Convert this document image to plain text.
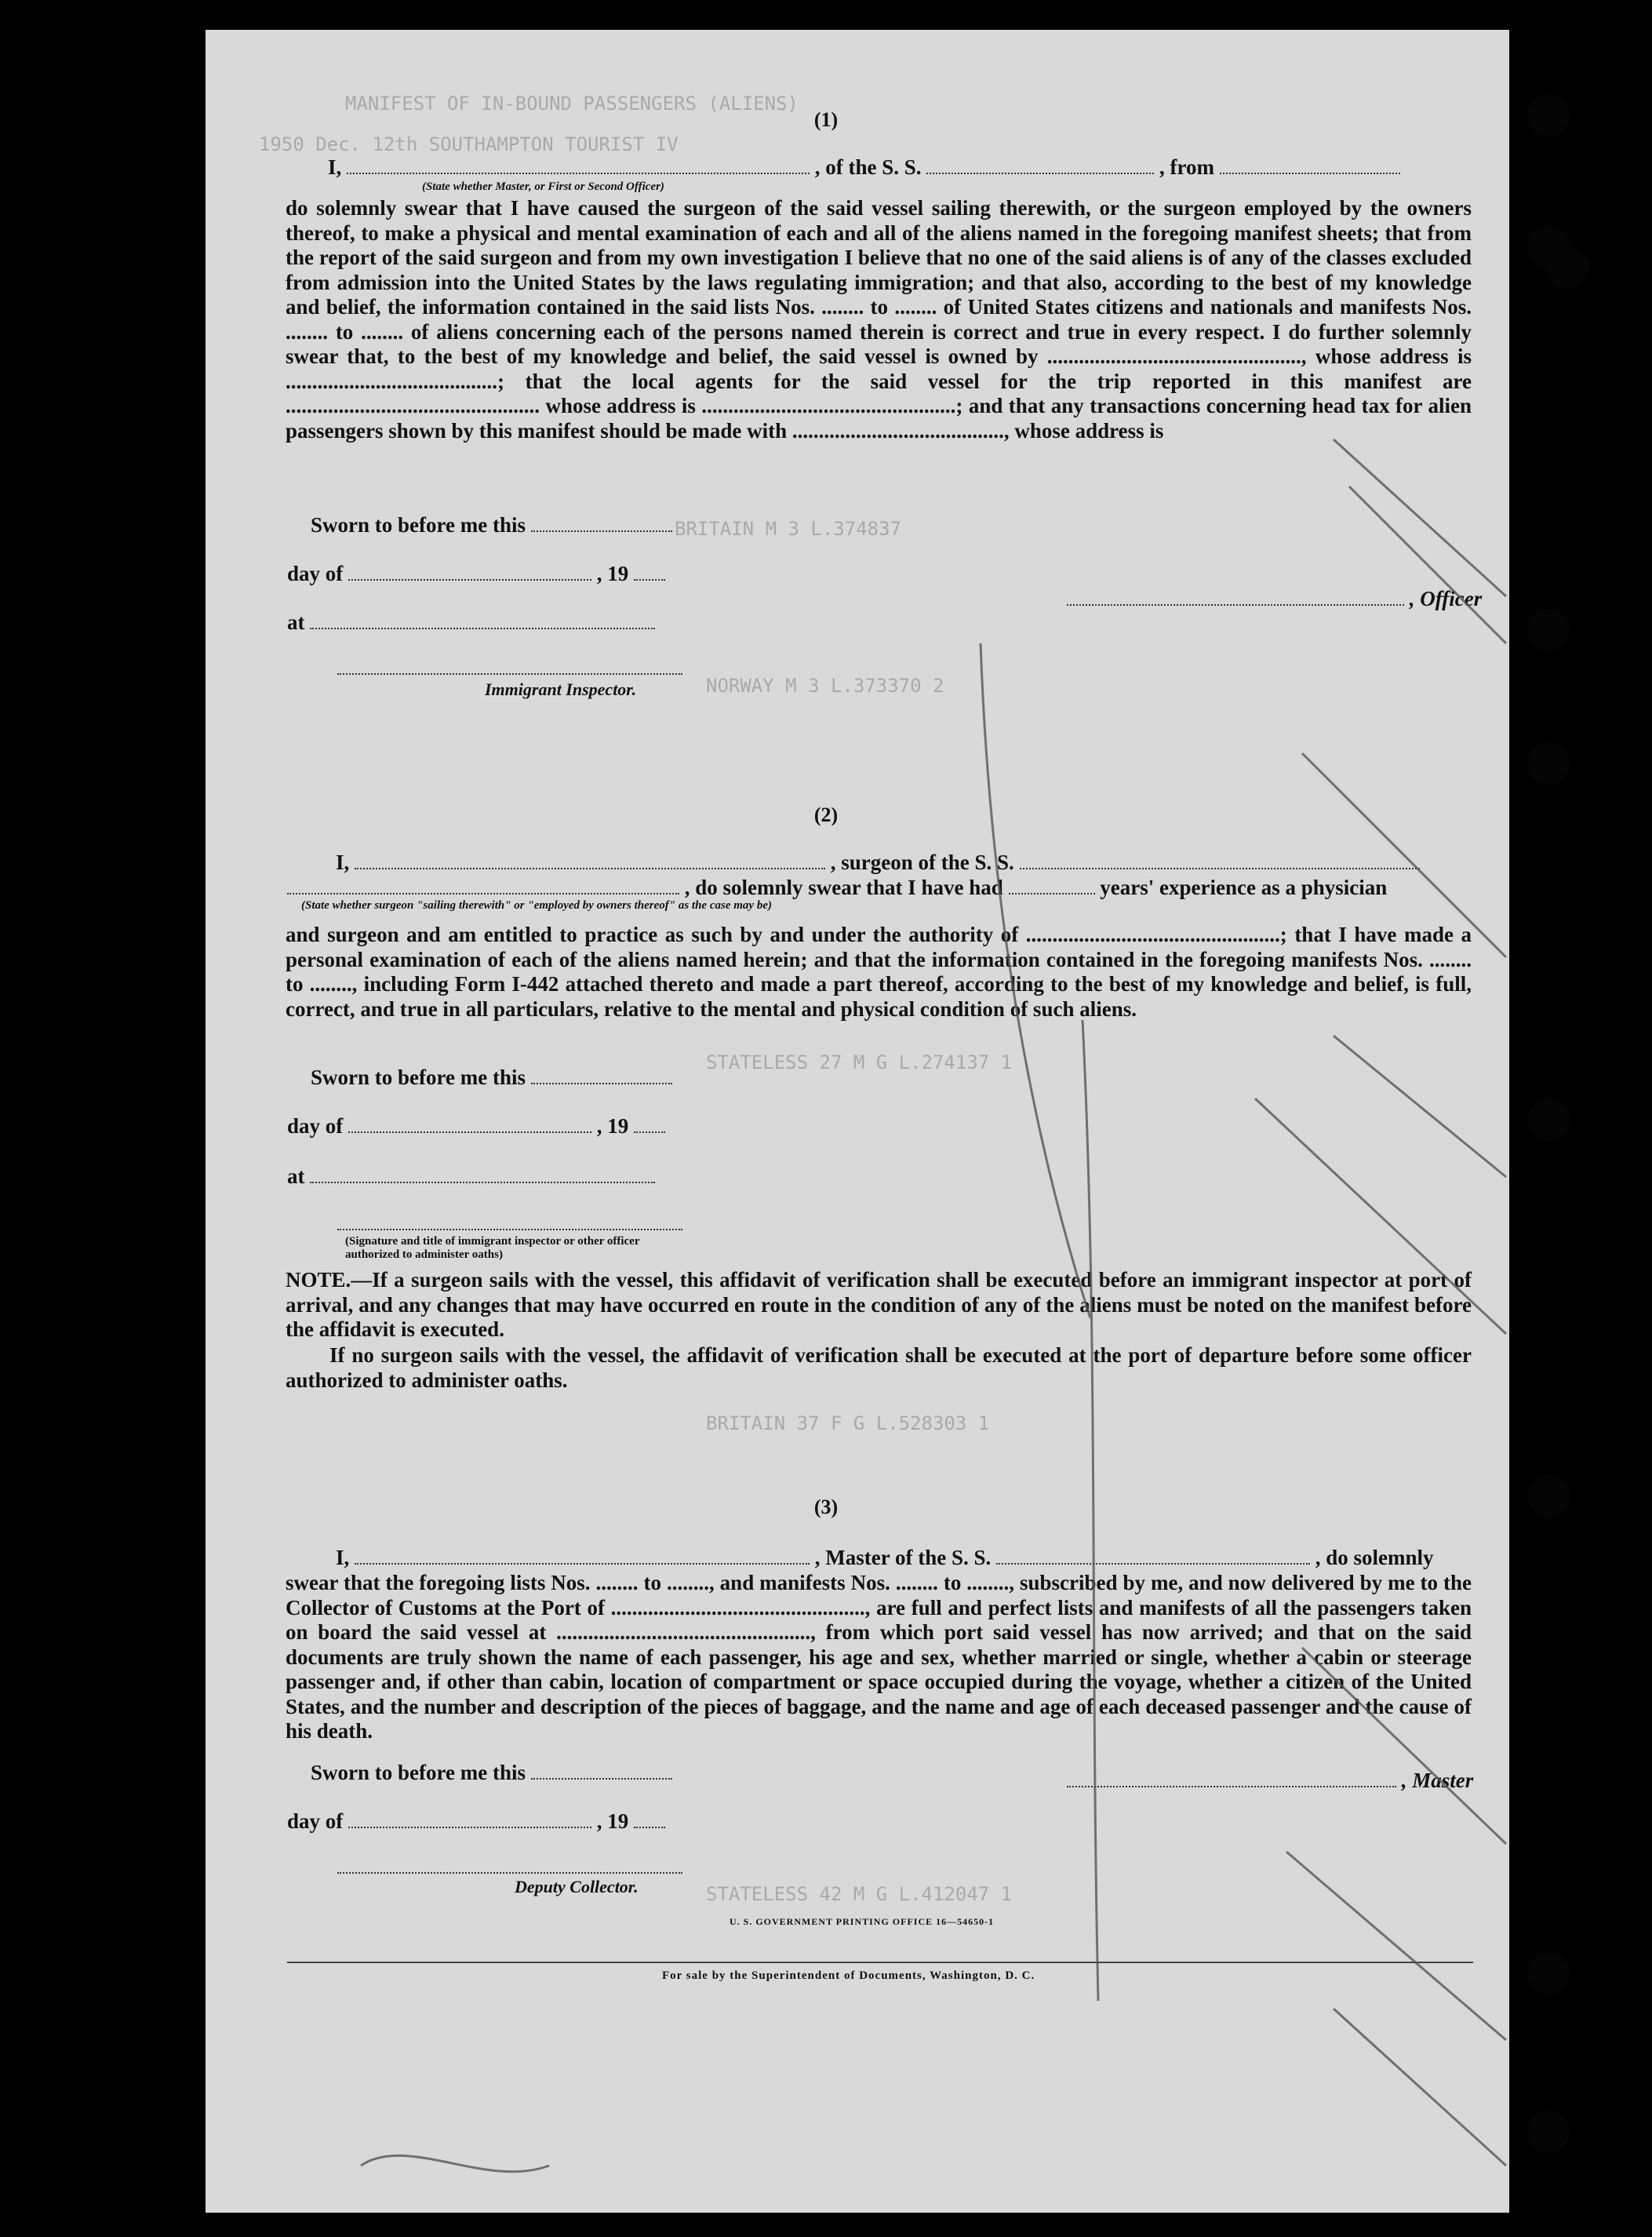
MANIFEST OF IN-BOUND PASSENGERS (ALIENS)
1950 Dec. 12th SOUTHAMPTON TOURIST IV
BRITAIN M 3 L.374837
NORWAY M 3 L.373370 2
STATELESS 27 M G L.274137 1
BRITAIN 37 F G L.528303 1
STATELESS 42 M G L.412047 1
(1)
I,	, of the S. S.	, from
(State whether Master, or First or Second Officer)
do solemnly swear that I have caused the surgeon of the said vessel sailing therewith, or the surgeon employed by the owners thereof, to make a physical and mental examination of each and all of the aliens named in the foregoing manifest sheets; that from the report of the said surgeon and from my own investigation I believe that no one of the said aliens is of any of the classes excluded from admission into the United States by the laws regulating immigration; and that also, according to the best of my knowledge and belief, the information contained in the said lists Nos. ........ to ........ of United States citizens and nationals and manifests Nos. ........ to ........ of aliens concerning each of the persons named therein is correct and true in every respect. I do further solemnly swear that, to the best of my knowledge and belief, the said vessel is owned by ................................................, whose address is ........................................; that the local agents for the said vessel for the trip reported in this manifest are ................................................ whose address is ................................................; and that any transactions concerning head tax for alien passengers shown by this manifest should be made with ........................................, whose address is
Sworn to before me this
day of	, 19
, Officer
at
Immigrant Inspector.
(2)
I,	, surgeon of the S. S.
, do solemnly swear that I have had	years' experience as a physician
(State whether surgeon "sailing therewith" or "employed by owners thereof" as the case may be)
and surgeon and am entitled to practice as such by and under the authority of ................................................; that I have made a personal examination of each of the aliens named herein; and that the information contained in the foregoing manifests Nos. ........ to ........, including Form I-442 attached thereto and made a part thereof, according to the best of my knowledge and belief, is full, correct, and true in all particulars, relative to the mental and physical condition of such aliens.
Sworn to before me this
day of	, 19
at
(Signature and title of immigrant inspector or other officer authorized to administer oaths)
NOTE.—If a surgeon sails with the vessel, this affidavit of verification shall be executed before an immigrant inspector at port of arrival, and any changes that may have occurred en route in the condition of any of the aliens must be noted on the manifest before the affidavit is executed.
If no surgeon sails with the vessel, the affidavit of verification shall be executed at the port of departure before some officer authorized to administer oaths.
(3)
I,	, Master of the S. S.	, do solemnly
swear that the foregoing lists Nos. ........ to ........, and manifests Nos. ........ to ........, subscribed by me, and now delivered by me to the Collector of Customs at the Port of ................................................, are full and perfect lists and manifests of all the passengers taken on board the said vessel at ................................................, from which port said vessel has now arrived; and that on the said documents are truly shown the name of each passenger, his age and sex, whether married or single, whether a cabin or steerage passenger and, if other than cabin, location of compartment or space occupied during the voyage, whether a citizen of the United States, and the number and description of the pieces of baggage, and the name and age of each deceased passenger and the cause of his death.
Sworn to before me this	, Master
day of	, 19
Deputy Collector.
U. S. GOVERNMENT PRINTING OFFICE 16—54650-1
For sale by the Superintendent of Documents, Washington, D. C.
